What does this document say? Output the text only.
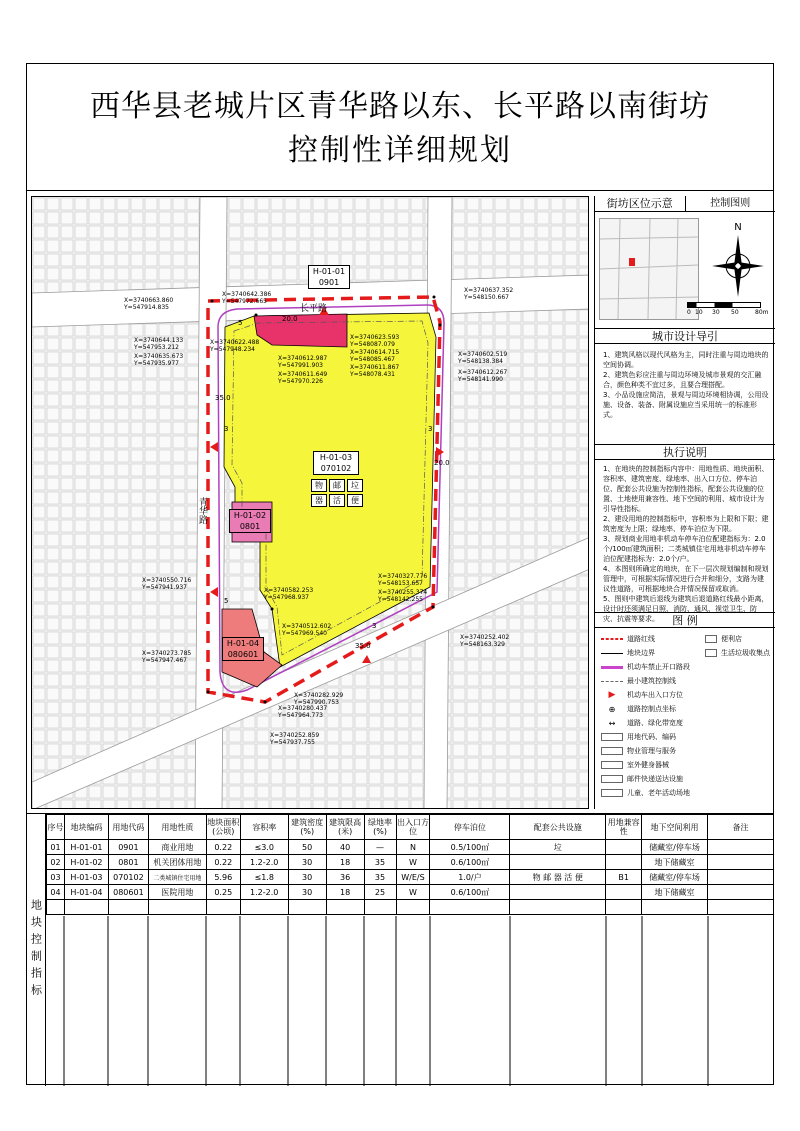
西华县老城片区青华路以东、长平路以南街坊
控制性详细规划
H-01-01
0901
H-01-03
070102
H-01-02
0801
H-01-04
080601
物	邮	垃
器	活	便
长平路
青华路
35.0
20.0
35.0
20.0
5
3	3
5
3
X=3740663.860
Y=547914.835
X=3740642.386
Y=547972.665
X=3740637.352
Y=548150.667
X=3740644.133
Y=547953.212
X=3740635.673
Y=547935.977
X=3740622.488
Y=547948.234
X=3740612.987
Y=547991.903
X=3740611.649
Y=547970.226
X=3740623.593
Y=548087.079
X=3740614.715
Y=548085.467
X=3740611.867
Y=548078.431
X=3740602.519
Y=548138.384
X=3740612.267
Y=548141.990
X=3740582.253
Y=547968.937
X=3740550.716
Y=547941.937
X=3740512.602
Y=547969.540
X=3740273.785
Y=547947.467
X=3740252.402
Y=548163.329
X=3740282.929
Y=547990.753
X=3740280.437
Y=547964.773
X=3740252.859
Y=547937.755
X=3740327.776
Y=548153.657
X=3740255.374
Y=548142.255
街坊区位示意	控制图则
N
0 10 30 50	80m
城市设计导引
1、建筑风格以现代风格为主，同时注重与周边地块的空间协调。
2、建筑色彩应注重与周边环境及城市景观的交汇融合，颜色种类不宜过多，且要合理搭配。
3、小品设施应简洁，景观与周边环境相协调，公用设施、设备、装备、附属设施应当采用统一的标准形式。
执行说明
1、在地块的控制指标内容中：用地性质、地块面积、容积率、建筑密度、绿地率、出入口方位、停车泊位、配套公共设施为控制性指标，配套公共设施的位置、土地使用兼容性、地下空间的利用、城市设计为引导性指标。
2、建设用地的控制指标中，容积率为上限和下限；建筑密度为上限；绿地率、停车泊位为下限。
3、规划商业用地非机动车停车泊位配建指标为：2.0个/100㎡建筑面积；二类城镇住宅用地非机动车停车泊位配建指标为：2.0个/户。
4、本图则所确定的地块，在下一层次规划编制和规划管理中，可根据实际情况进行合并和细分，支路为建议性道路，可根据地块合并情况保留或取消。
5、图则中建筑后退线为建筑后退道路红线最小距离，设计时还须满足日照、消防、通风、视觉卫生、防灾、抗震等要求。	图 例
道路红线
地块边界
机动车禁止开口路段
最小建筑控制线
▶	机动车出入口方位
⊕	道路控制点坐标
↔	道路、绿化带宽度
用地代码、编码
物业管理与服务
室外健身器械
邮件快递送达设施
儿童、老年活动场地
便利店
生活垃圾收集点
地块控制指标
序号	地块编码	用地代码	用地性质	地块面积(公顷)	容积率	建筑密度(%)	建筑限高(米)	绿地率(%)	出入口方位	停车泊位	配套公共设施	用地兼容性	地下空间利用	备注
01	H-01-01	0901	商业用地	0.22	≤3.0	50	40	—	N	0.5/100㎡	垃		储藏室/停车场	
02	H-01-02	0801	机关团体用地	0.22	1.2-2.0	30	18	35	W	0.6/100㎡			地下储藏室	
03	H-01-03	070102	二类城镇住宅用地	5.96	≤1.8	30	36	35	W/E/S	1.0/户	物 邮 器 活 便	B1	储藏室/停车场	
04	H-01-04	080601	医院用地	0.25	1.2-2.0	30	18	25	W	0.6/100㎡			地下储藏室	
